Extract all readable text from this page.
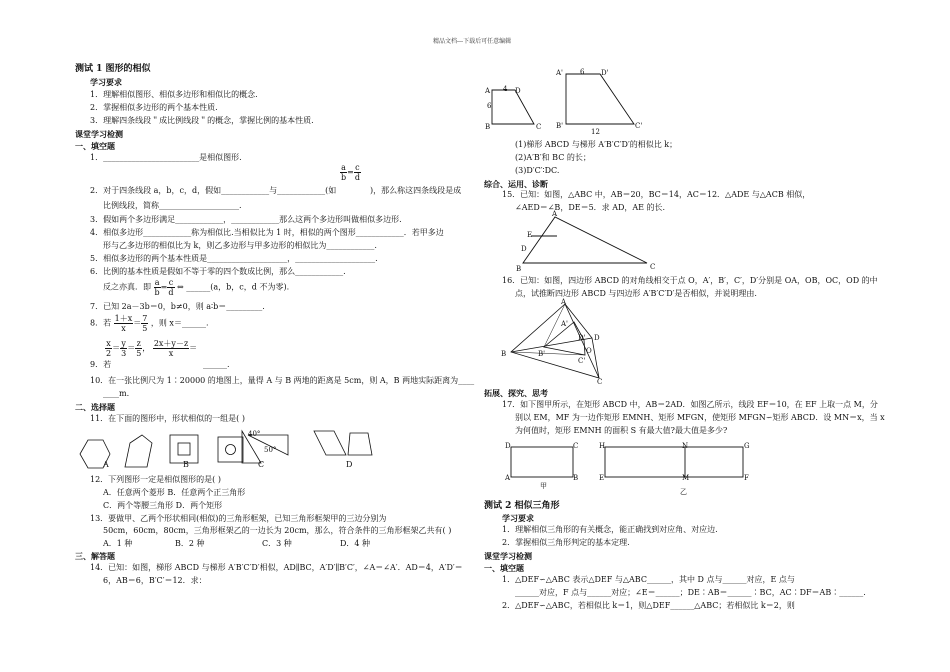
精品文档---下载后可任意编辑
测试 1 图形的相似
学习要求
1．理解相似图形、相似多边形和相似比的概念.
2．掌握相似多边形的两个基本性质.
3．理解四条线段＂成比例线段＂的概念，掌握比例的基本性质.
课堂学习检测
一、填空题
1．________________________是相似图形.
$\frac{a}{b} = \frac{c}{d}$
2．对于四条线段 a，b，c，d，假如____________与____________(如	)，那么称这四条线段是成
比例线段，简称____________________.
3．假如两个多边形满足____________，____________那么这两个多边形叫做相似多边形.
4．相似多边形____________称为相似比.当相似比为 1 时，相似的两个图形____________．若甲多边
形与乙多边形的相似比为 k，则乙多边形与甲多边形的相似比为____________.
5．相似多边形的两个基本性质是____________________，____________________.
6．比例的基本性质是假如不等于零的四个数成比例，那么____________.
反之亦真．即 $\frac{a}{b} = \frac{c}{d}$ ⇔ ______(a，b，c，d 不为零).
7．已知 2a－3b＝0，b≠0，则 a∶b＝_________.
8．若 $\frac{1+x}{x} = \frac{7}{5}$ ，则 x＝______.
$\frac{x}{2} = \frac{y}{3} = \frac{z}{5}$ ， $\frac{2x+y-z}{x}$ ＝
9．若	______.
10．在一张比例尺为 1∶20000 的地图上，量得 A 与 B 两地的距离是 5cm，则 A，B 两地实际距离为____
____m.
二、选择题
11．在下面的图形中，形状相似的一组是( )
40°
50°
A	B	C	D
12．下列图形一定是相似图形的是( )
A．任意两个菱形 B．任意两个正三角形
C．两个等腰三角形 D．两个矩形
13．要做甲、乙两个形状相同(相似)的三角形框架，已知三角形框架甲的三边分别为
50cm，60cm，80cm，三角形框架乙的一边长为 20cm，那么，符合条件的三角形框架乙共有( )
A．1 种	B．2 种	C．3 种	D．4 种
三、解答题
14．已知：如图，梯形 ABCD 与梯形 A′B′C′D′相似，AD∥BC，A′D′∥B′C′，∠A＝∠A′．AD＝4，A′D′＝
6，AB＝6，B′C′＝12．求：
4
6
A
B	C
D
6
12
A'
B'	C'
D'
(1)梯形 ABCD 与梯形 A′B′C′D′的相似比 k；
(2)A′B′和 BC 的长；
(3)D′C′∶DC.
综合、运用、诊断
15．已知：如图，△ABC 中，AB＝20，BC＝14，AC＝12．△ADE 与△ACB 相似，
∠AED＝∠B，DE＝5．求 AD，AE 的长.
A
B	C
D
E
16．已知：如图，四边形 ABCD 的对角线相交于点 O，A′，B′，C′，D′分别是 OA，OB，OC，OD 的中
点，试推断四边形 ABCD 与四边形 A′B′C′D′是否相似，并说明理由.
A
B
C
D
O
A'
B'
C'
D'
拓展、探究、思考
17．如下图甲所示，在矩形 ABCD 中，AB＝2AD．如图乙所示，线段 EF＝10，在 EF 上取一点 M，分
别以 EM，MF 为一边作矩形 EMNH、矩形 MFGN，使矩形 MFGN∽矩形 ABCD．设 MN＝x，当 x
为何值时，矩形 EMNH 的面积 S 有最大值?最大值是多少?
D	C
A	B
H	N	G
E	M	F
甲
乙
测试 2 相似三角形
学习要求
1．理解相似三角形的有关概念，能正确找到对应角、对应边.
2．掌握相似三角形判定的基本定理.
课堂学习检测
一、填空题
1．△DEF∽△ABC 表示△DEF 与△ABC______，其中 D 点与______对应，E 点与
______对应，F 点与______对应；∠E＝______；DE∶AB＝______∶BC，AC∶DF＝AB∶______.
2．△DEF∽△ABC，若相似比 k＝1，则△DEF______△ABC；若相似比 k＝2，则
